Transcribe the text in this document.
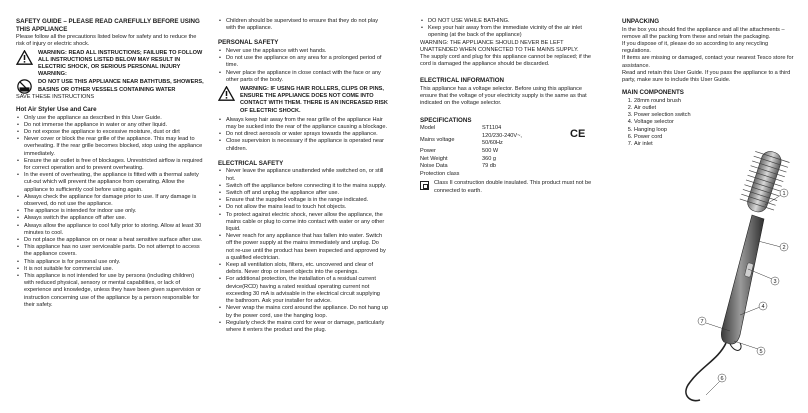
SAFETY GUIDE – PLEASE READ CAREFULLY BEFORE USING THIS APPLIANCE

Please follow all the precautions listed below for safety and to reduce the risk of injury or electric shock.

WARNING: READ ALL INSTRUCTIONS; FAILURE TO FOLLOW ALL INSTRUCTIONS LISTED BELOW MAY RESULT IN ELECTRIC SHOCK, OR SERIOUS PERSONAL INJURY WARNING:
DO NOT USE THIS APPLIANCE NEAR BATHTUBS, SHOWERS, BASINS OR OTHER VESSELS CONTAINING WATER

SAVE THESE INSTRUCTIONS

Hot Air Styler Use and Care
• Only use the appliance as described in this User Guide.
• Do not immerse the appliance in water or any other liquid.
• Do not expose the appliance to excessive moisture, dust or dirt
• Never cover or block the rear grille of the appliance. This may lead to overheating. If the rear grille becomes blocked, stop using the appliance immediately.
• Ensure the air outlet is free of blockages. Unrestricted airflow is required for correct operation and to prevent overheating.
• In the event of overheating, the appliance is fitted with a thermal safety cut-out which will prevent the appliance from operating. Allow the appliance to sufficiently cool before using again.
• Always check the appliance for damage prior to use. If any damage is observed, do not use the appliance.
• The appliance is intended for indoor use only.
• Always switch the appliance off after use.
• Always allow the appliance to cool fully prior to storing. Allow at least 30 minutes to cool.
• Do not place the appliance on or near a heat sensitive surface after use.
• This appliance has no user serviceable parts. Do not attempt to access the appliance covers.
• This appliance is for personal use only.
• It is not suitable for commercial use.
• This appliance is not intended for use by persons (including children) with reduced physical, sensory or mental capabilities, or lack of experience and knowledge, unless they have been given supervision or instruction concerning use of the appliance by a person responsible for their safety.
• Children should be supervised to ensure that they do not play with the appliance.
PERSONAL SAFETY
• Never use the appliance with wet hands.
• Do not use the appliance on any area for a prolonged period of time.
• Never place the appliance in close contact with the face or any other parts of the body.
WARNING: IF USING HAIR ROLLERS, CLIPS OR PINS, ENSURE THE APPLIANCE DOES NOT COME INTO CONTACT WITH THEM. THERE IS AN INCREASED RISK OF ELECTRIC SHOCK.
• Always keep hair away from the rear grille of the appliance Hair may be sucked into the rear of the appliance causing a blockage.
• Do not direct aerosols or water sprays towards the appliance.
• Close supervision is necessary if the appliance is operated near children.
ELECTRICAL SAFETY
• Never leave the appliance unattended while switched on, or still hot.
• Switch off the appliance before connecting it to the mains supply.
• Switch off and unplug the appliance after use.
• Ensure that the supplied voltage is in the range indicated.
• Do not allow the mains lead to touch hot objects.
• To protect against electric shock, never allow the appliance, the mains cable or plug to come into contact with water or any other liquid.
• Never reach for any appliance that has fallen into water. Switch off the power supply at the mains immediately and unplug. Do not re-use until the product has been inspected and approved by a qualified electrician.
• Keep all ventilation slots, filters, etc. uncovered and clear of debris. Never drop or insert objects into the openings.
• For additional protection, the installation of a residual current device(RCD) having a rated residual operating current not exceeding 30 mA is advisable in the electrical circuit supplying the bathroom. Ask your installer for advice.
• Never wrap the mains cord around the appliance. Do not hang up by the power cord, use the hanging loop.
• Regularly check the mains cord for wear or damage, particularly where it enters the product and the plug.
• DO NOT USE WHILE BATHING.
• Keep your hair away from the immediate vicinity of the air inlet opening (at the back of the appliance)

WARNING: THE APPLIANCE SHOULD NEVER BE LEFT UNATTENDED WHEN CONNECTED TO THE MAINS SUPPLY.

The supply cord and plug for this appliance cannot be replaced; if the cord is damaged the appliance should be discarded.

ELECTRICAL INFORMATION

This appliance has a voltage selector. Before using this appliance ensure that the voltage of your electricity supply is the same as that indicated on the voltage selector.

SPECIFICATIONS
Model	ST1104
Mains voltage	120/230-240V~, 50/60Hz
Power	500 W
Net Weight	360 g
Noise Data	79 db
Protection class	
CE
Class II construction double insulated. This product must not be connected to earth.
UNPACKING

In the box you should find the appliance and all the attachments – remove all the packing from these and retain the packaging.

If you dispose of it, please do so according to any recycling regulations.

If items are missing or damaged, contact your nearest Tesco store for assistance.

Read and retain this User Guide. If you pass the appliance to a third party, make sure to include this User Guide.

MAIN COMPONENTS
1. 28mm round brush
2. Air outlet
3. Power selection switch
4. Voltage selector
5. Hanging loop
6. Power cord
7. Air inlet
1
2
3
4
5
6
7
